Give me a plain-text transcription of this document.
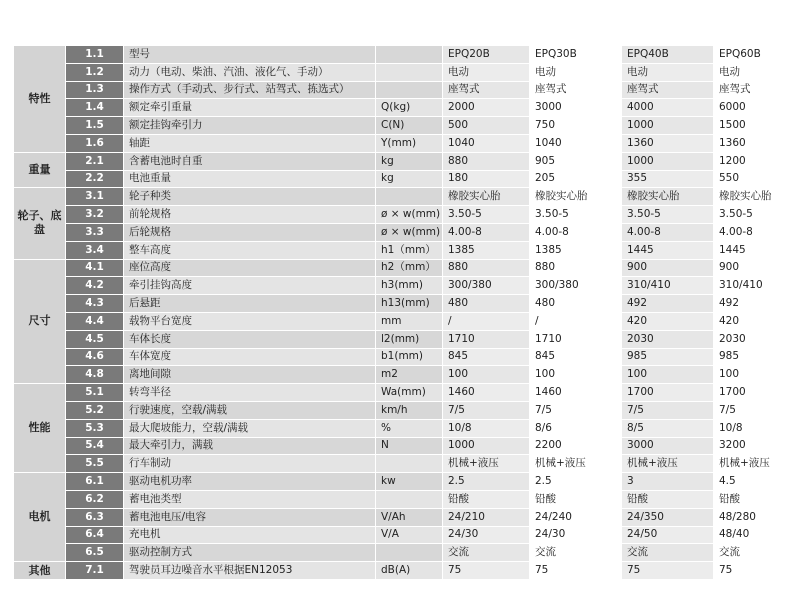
特性	1.1	型号		EPQ20B	EPQ30B	EPQ40B	EPQ60B
	1.2	动力（电动、柴油、汽油、液化气、手动）		电动	电动	电动	电动
	1.3	操作方式（手动式、步行式、站驾式、拣选式）		座驾式	座驾式	座驾式	座驾式
	1.4	额定牵引重量	Q(kg)	2000	3000	4000	6000
	1.5	额定挂钩牵引力	C(N)	500	750	1000	1500
	1.6	轴距	Y(mm)	1040	1040	1360	1360
重量	2.1	含蓄电池时自重	kg	880	905	1000	1200
	2.2	电池重量	kg	180	205	355	550
轮子、底盘	3.1	轮子种类		橡胶实心胎	橡胶实心胎	橡胶实心胎	橡胶实心胎
	3.2	前轮规格	ø × w(mm)	3.50-5	3.50-5	3.50-5	3.50-5
	3.3	后轮规格	ø × w(mm)	4.00-8	4.00-8	4.00-8	4.00-8
	3.4	整车高度	h1（mm）	1385	1385	1445	1445
尺寸	4.1	座位高度	h2（mm）	880	880	900	900
	4.2	牵引挂钩高度	h3(mm)	300/380	300/380	310/410	310/410
	4.3	后悬距	h13(mm)	480	480	492	492
	4.4	载物平台宽度	mm	/	/	420	420
	4.5	车体长度	l2(mm)	1710	1710	2030	2030
	4.6	车体宽度	b1(mm)	845	845	985	985
	4.8	离地间隙	m2	100	100	100	100
性能	5.1	转弯半径	Wa(mm)	1460	1460	1700	1700
	5.2	行驶速度，空载/满载	km/h	7/5	7/5	7/5	7/5
	5.3	最大爬坡能力，空载/满载	%	10/8	8/6	8/5	10/8
	5.4	最大牵引力，满载	N	1000	2200	3000	3200
	5.5	行车制动		机械+液压	机械+液压	机械+液压	机械+液压
电机	6.1	驱动电机功率	kw	2.5	2.5	3	4.5
	6.2	蓄电池类型		铅酸	铅酸	铅酸	铅酸
	6.3	蓄电池电压/电容	V/Ah	24/210	24/240	24/350	48/280
	6.4	充电机	V/A	24/30	24/30	24/50	48/40
	6.5	驱动控制方式		交流	交流	交流	交流
其他	7.1	驾驶员耳边噪音水平根据EN12053	dB(A)	75	75	75	75
